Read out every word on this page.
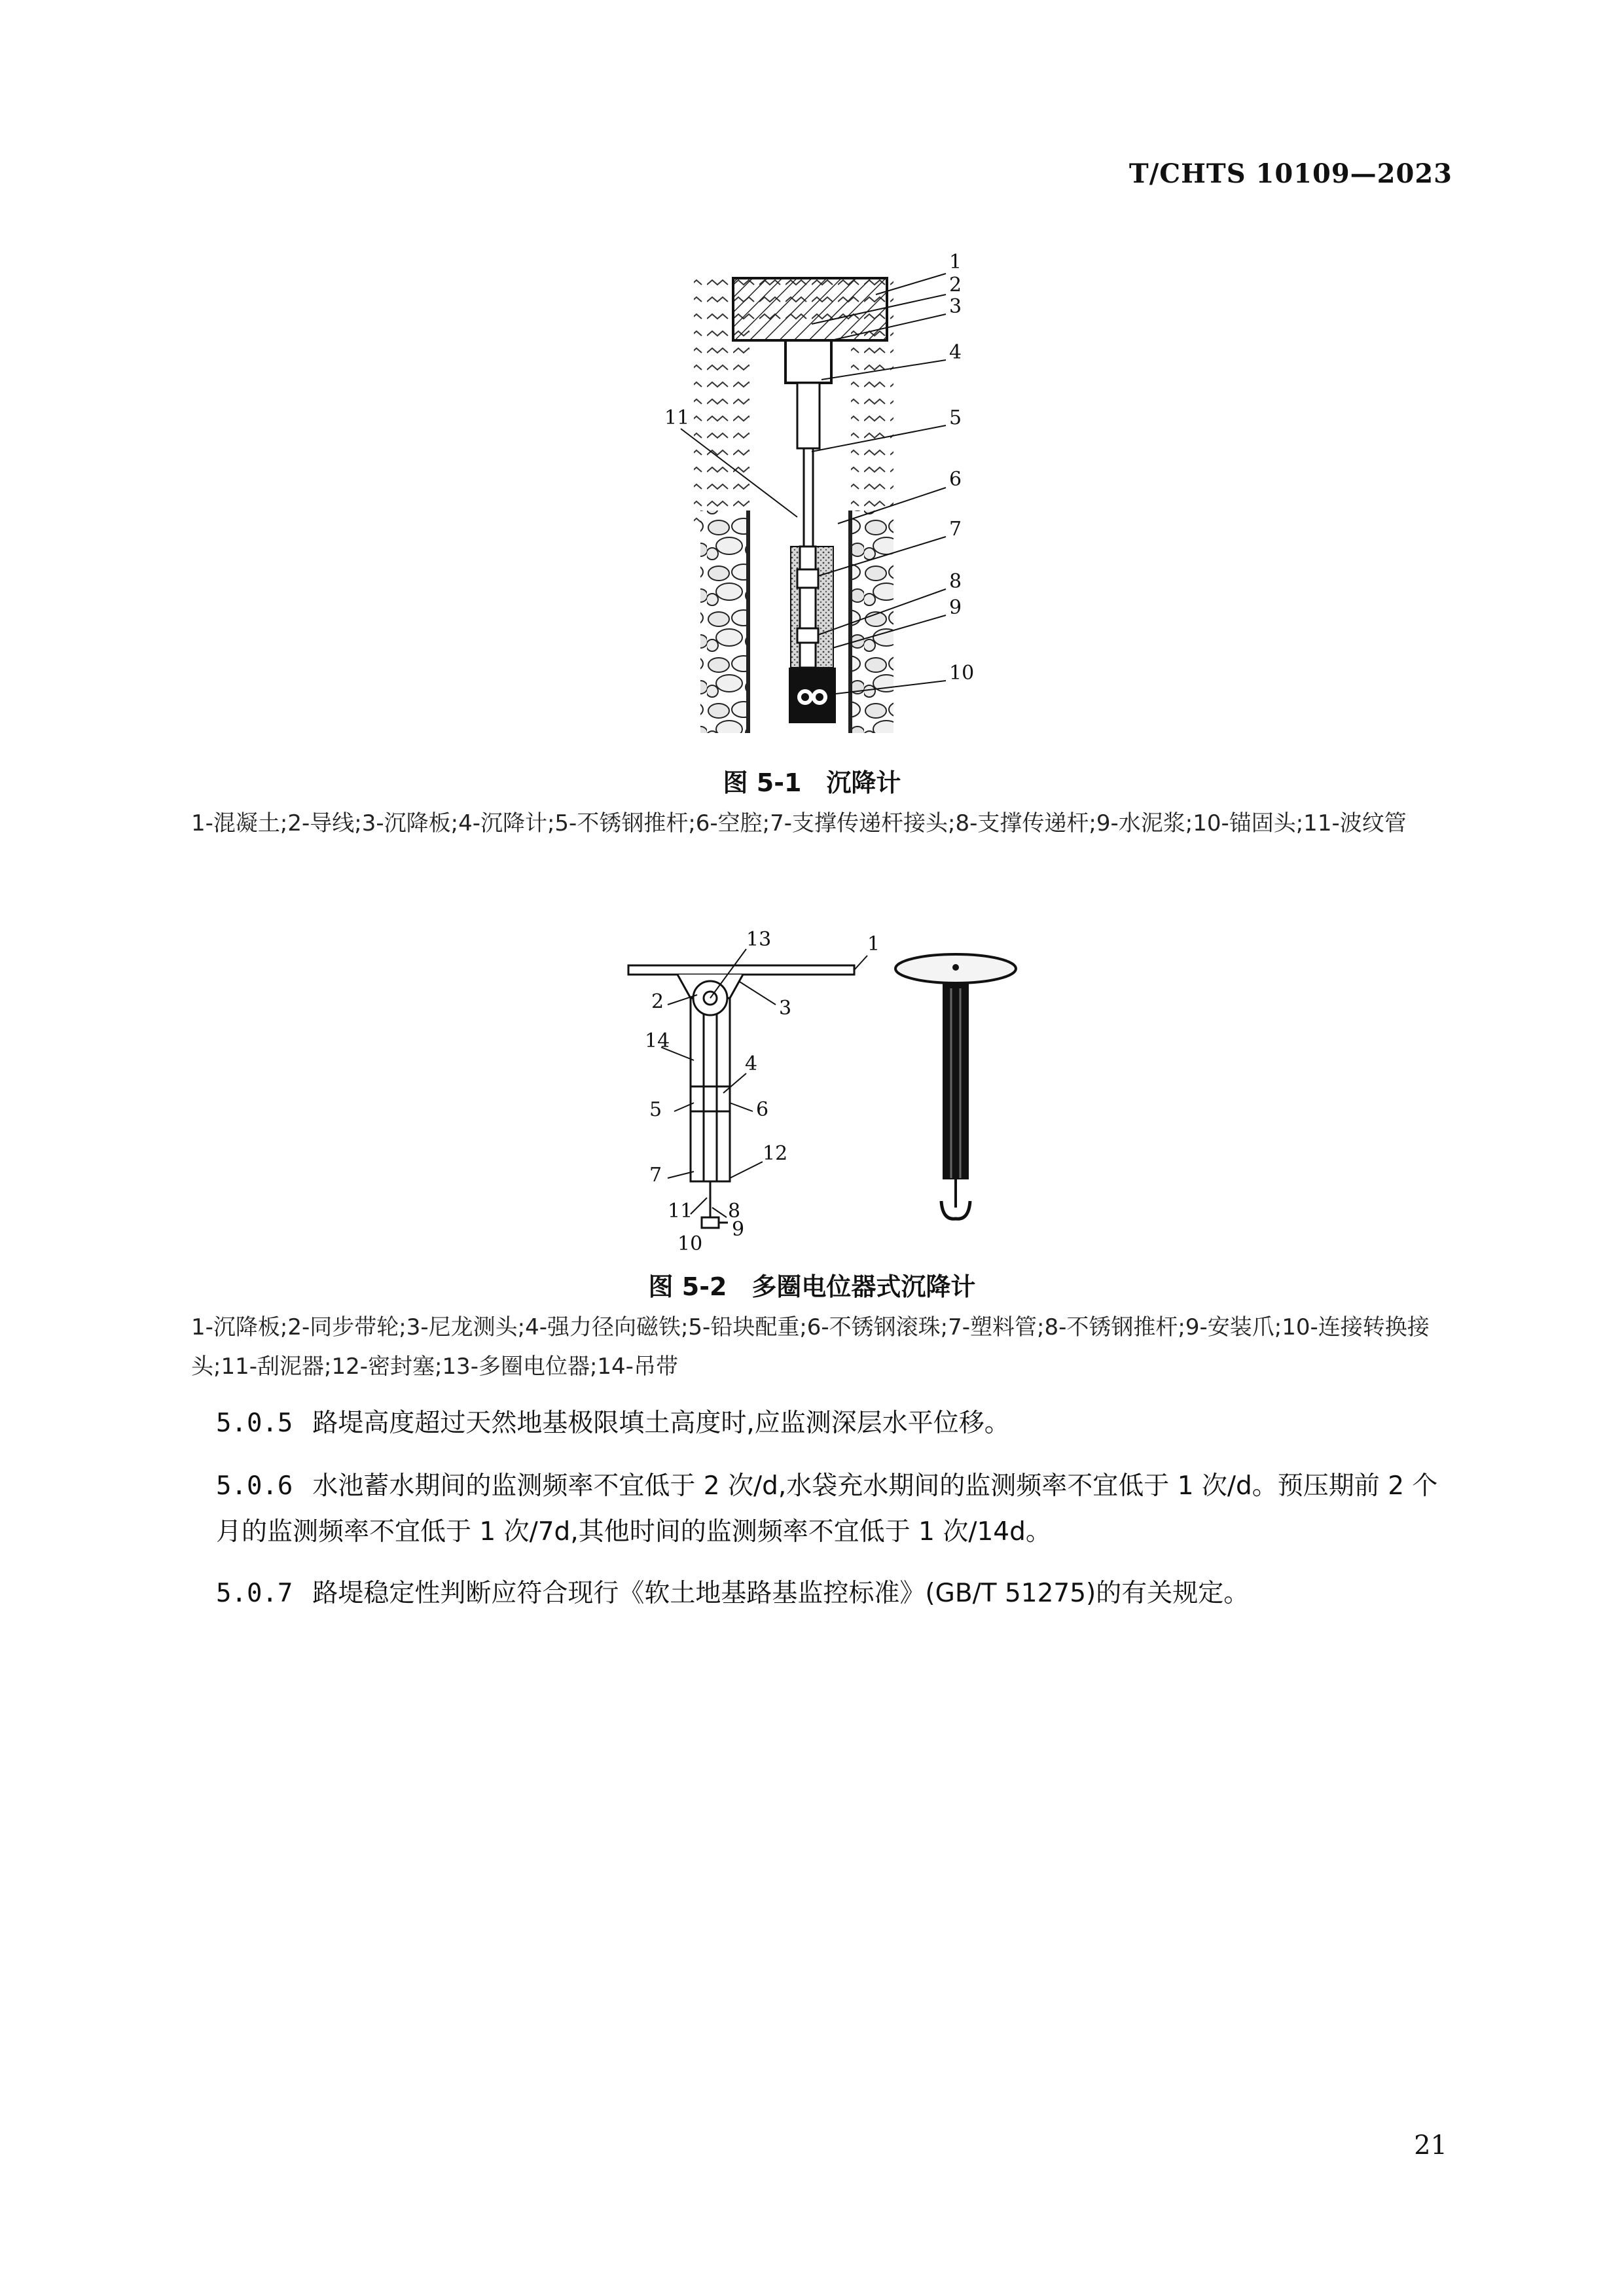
T/CHTS 10109—2023
1
2
3
4
5
6
7
8
9
10
11
图 5-1　沉降计
1-混凝土;2-导线;3-沉降板;4-沉降计;5-不锈钢推杆;6-空腔;7-支撑传递杆接头;8-支撑传递杆;9-水泥浆;10-锚固头;11-波纹管
1
2	3
4
5	6
7
8
9
10
11
12
13
14
图 5-2　多圈电位器式沉降计
1-沉降板;2-同步带轮;3-尼龙测头;4-强力径向磁铁;5-铅块配重;6-不锈钢滚珠;7-塑料管;8-不锈钢推杆;9-安装爪;10-连接转换接头;11-刮泥器;12-密封塞;13-多圈电位器;14-吊带
5.0.5 路堤高度超过天然地基极限填土高度时,应监测深层水平位移。
5.0.6 水池蓄水期间的监测频率不宜低于 2 次/d,水袋充水期间的监测频率不宜低于 1 次/d。预压期前 2 个月的监测频率不宜低于 1 次/7d,其他时间的监测频率不宜低于 1 次/14d。
5.0.7 路堤稳定性判断应符合现行《软土地基路基监控标准》(GB/T 51275)的有关规定。
21
